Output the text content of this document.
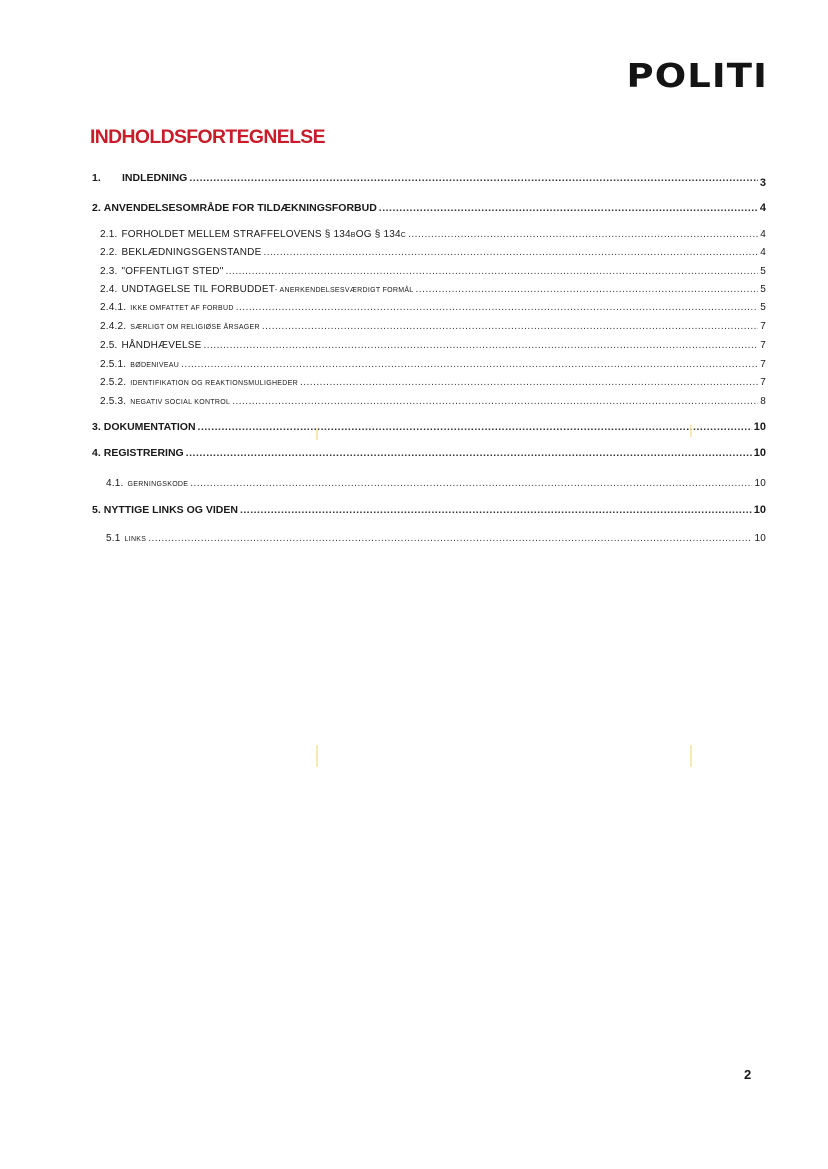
POLITI
INDHOLDSFORTEGNELSE
1.	INDLEDNING .....	3
2. ANVENDELSESOMRÅDE FOR TILDÆKNINGSFORBUD .....	4
2.1. FORHOLDET MELLEM STRAFFELOVENS § 134 B OG § 134 C .....	4
2.2. BEKLÆDNINGSGENSTANDE .....	4
2.3. "OFFENTLIGT STED" .....	5
2.4. UNDTAGELSE TIL FORBUDDET - ANERKENDELSESVÆRDIGT FORMÅL .....	5
2.4.1. IKKE OMFATTET AF FORBUD .....	5
2.4.2. SÆRLIGT OM RELIGIØSE ÅRSAGER .....	7
2.5. HÅNDHÆVELSE .....	7
2.5.1. BØDENIVEAU .....	7
2.5.2. IDENTIFIKATION OG REAKTIONSMULIGHEDER .....	7
2.5.3. NEGATIV SOCIAL KONTROL .....	8
3. DOKUMENTATION .....	10
4. REGISTRERING .....	10
4.1. GERNINGSKODE .....	10
5. NYTTIGE LINKS OG VIDEN .....	10
5.1 LINKS .....	10
2
